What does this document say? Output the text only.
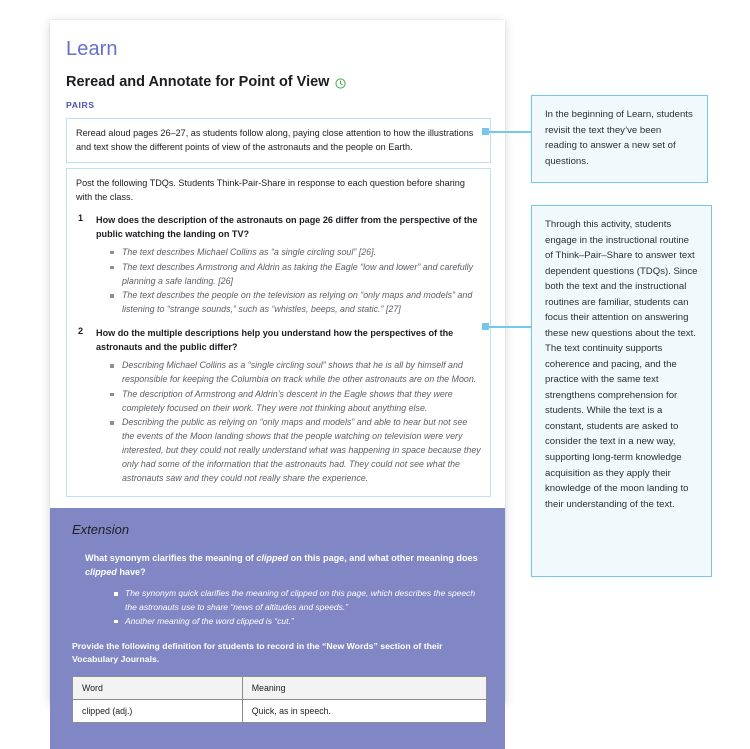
Learn
Reread and Annotate for Point of View
PAIRS

Reread aloud pages 26–27, as students follow along, paying close attention to how the illustrations and text show the different points of view of the astronauts and the people on Earth.

Post the following TDQs. Students Think-Pair-Share in response to each question before sharing with the class.

1 How does the description of the astronauts on page 26 differ from the perspective of the public watching the landing on TV?

The text describes Michael Collins as “a single circling soul” [26].
The text describes Armstrong and Aldrin as taking the Eagle “low and lower” and carefully planning a safe landing. [26]
The text describes the people on the television as relying on “only maps and models” and listening to “strange sounds,” such as “whistles, beeps, and static.” [27]
2 How do the multiple descriptions help you understand how the perspectives of the astronauts and the public differ?

Describing Michael Collins as a “single circling soul” shows that he is all by himself and responsible for keeping the Columbia on track while the other astronauts are on the Moon.
The description of Armstrong and Aldrin’s descent in the Eagle shows that they were completely focused on their work. They were not thinking about anything else.
Describing the public as relying on “only maps and models” and able to hear but not see the events of the Moon landing shows that the people watching on television were very interested, but they could not really understand what was happening in space because they only had some of the information that the astronauts had. They could not see what the astronauts saw and they could not really share the experience.
Extension

What synonym clarifies the meaning of clipped on this page, and what other meaning does clipped have?

The synonym quick clarifies the meaning of clipped on this page, which describes the speech the astronauts use to share “news of altitudes and speeds.”
Another meaning of the word clipped is “cut.”

Provide the following definition for students to record in the “New Words” section of their Vocabulary Journals.

Word	Meaning
clipped (adj.)	Quick, as in speech.

In the beginning of Learn, students revisit the text they’ve been reading to answer a new set of questions.

Through this activity, students engage in the instructional routine of Think–Pair–Share to answer text dependent questions (TDQs). Since both the text and the instructional routines are familiar, students can focus their attention on answering these new questions about the text. The text continuity supports coherence and pacing, and the practice with the same text strengthens comprehension for students. While the text is a constant, students are asked to consider the text in a new way, supporting long-term knowledge acquisition as they apply their knowledge of the moon landing to their understanding of the text.
